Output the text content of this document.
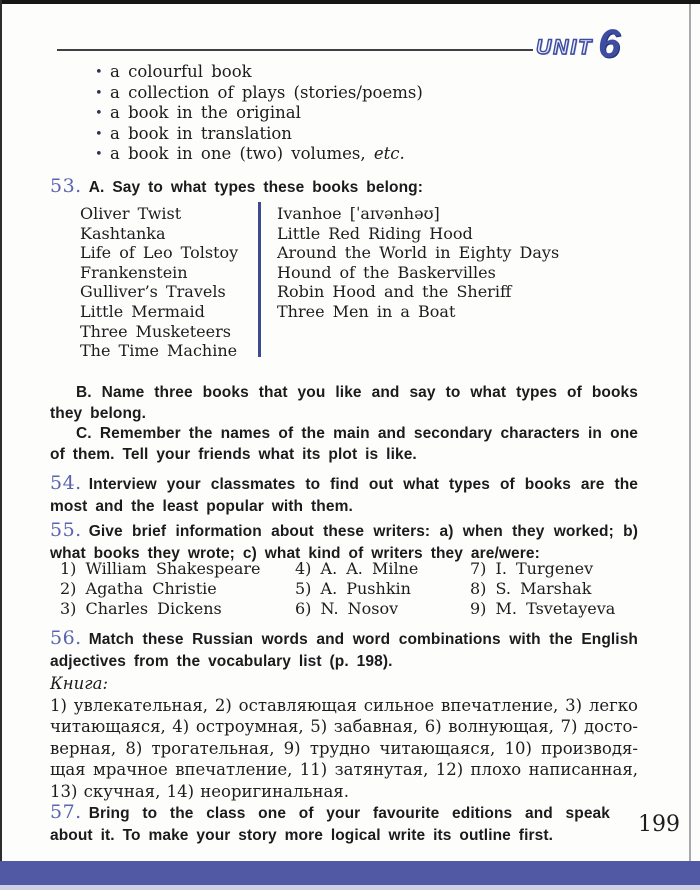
UNIT 6
• a colourful book
• a collection of plays (stories/poems)
• a book in the original
• a book in translation
• a book in one (two) volumes, etc.

53. A. Say to what types these books belong:

Oliver Twist
Kashtanka
Life of Leo Tolstoy
Frankenstein
Gulliver’s Travels
Little Mermaid
Three Musketeers
The Time Machine
Ivanhoe [ˈaɪvənhəʊ]
Little Red Riding Hood
Around the World in Eighty Days
Hound of the Baskervilles
Robin Hood and the Sheriff
Three Men in a Boat

B. Name three books that you like and say to what types of books they belong.

C. Remember the names of the main and secondary characters in one of them. Tell your friends what its plot is like.

54. Interview your classmates to find out what types of books are the most and the least popular with them.

55. Give brief information about these writers: a) when they worked; b) what books they wrote; c) what kind of writers they are/were:

1) William Shakespeare
2) Agatha Christie
3) Charles Dickens
4) A. A. Milne
5) A. Pushkin
6) N. Nosov
7) I. Turgenev
8) S. Marshak
9) M. Tsvetayeva

56. Match these Russian words and word combinations with the English adjectives from the vocabulary list (p. 198).

Книга:
1) увлекательная, 2) оставляющая сильное впечатление, 3) легко
читающаяся, 4) остроумная, 5) забавная, 6) волнующая, 7) досто-
верная, 8) трогательная, 9) трудно читающаяся, 10) производя-
щая мрачное впечатление, 11) затянутая, 12) плохо написанная,
13) скучная, 14) неоригинальная.

57. Bring to the class one of your favourite editions and speak about it. To make your story more logical write its outline first.	199
